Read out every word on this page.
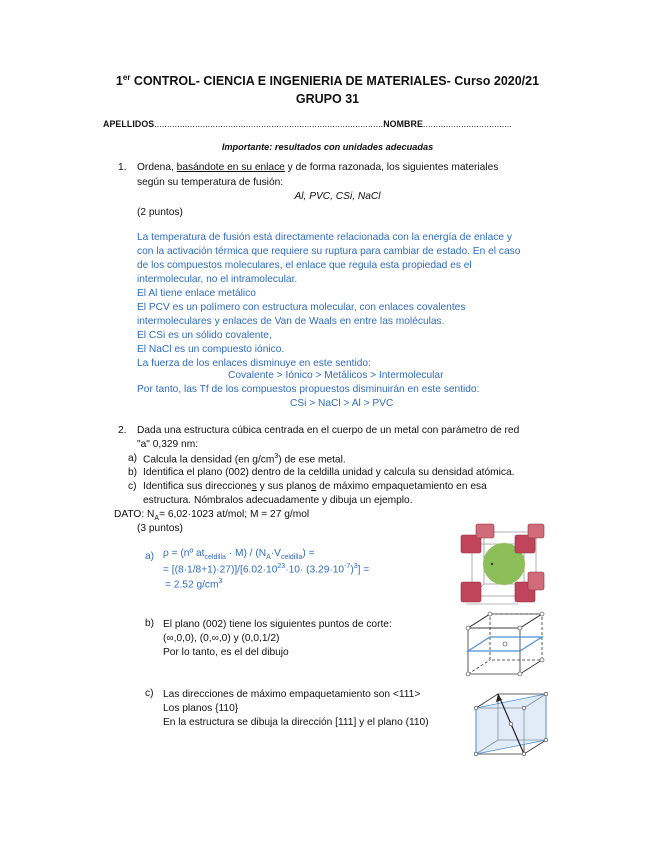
1er CONTROL- CIENCIA E INGENIERIA DE MATERIALES- Curso 2020/21
GRUPO 31
APELLIDOS..........................................................................................NOMBRE...................................
Importante: resultados con unidades adecuadas
1. Ordena, basándote en su enlace y de forma razonada, los siguientes materiales
según su temperatura de fusión:
Al, PVC, CSi, NaCl
(2 puntos)
La temperatura de fusión está directamente relacionada con la energía de enlace y
con la activación térmica que requiere su ruptura para cambiar de estado. En el caso
de los compuestos moleculares, el enlace que regula esta propiedad es el
intermolecular, no el intramolecular.
El Al tiene enlace metálico
El PCV es un polímero con estructura molecular, con enlaces covalentes
intermoleculares y enlaces de Van de Waals en entre las moléculas.
El CSi es un sólido covalente,
El NaCl es un compuesto iónico.
La fuerza de los enlaces disminuye en este sentido:
Covalente > Iónico > Metálicos > Intermolecular
Por tanto, las Tf de los compuestos propuestos disminuirán en este sentido:
CSi > NaCl > Al > PVC
2. Dada una estructura cúbica centrada en el cuerpo de un metal con parámetro de red
"a" 0,329 nm:
a) Calcula la densidad (en $g/cm^3$) de ese metal.
b) Identifica el plano (002) dentro de la celdilla unidad y calcula su densidad atómica.
c) Identifica sus direcciones y sus planos de máximo empaquetamiento en esa
estructura. Nómbralos adecuadamente y dibuja un ejemplo.
DATO: $N_A= 6,02\cdot 1023$ at/mol; M = 27 g/mol
(3 puntos)
a) ρ = (nº $at_{celdilla} \cdot M) / (N_A\cdot V_{celdilla})$ =
= $[(8\cdot 1/8+1)\cdot 27)]/[6.02\cdot 10^{23}\cdot 10\cdot (3.29\cdot 10^{-7})^3]$ =
= 2.52 $g/cm^3$
b) El plano (002) tiene los siguientes puntos de corte:
(∞,0,0), (0,∞,0) y (0,0,1/2)
Por lo tanto, es el del dibujo
c) Las direcciones de máximo empaquetamiento son <111>
Los planos {110}
En la estructura se dibuja la dirección [111] y el plano (110)
